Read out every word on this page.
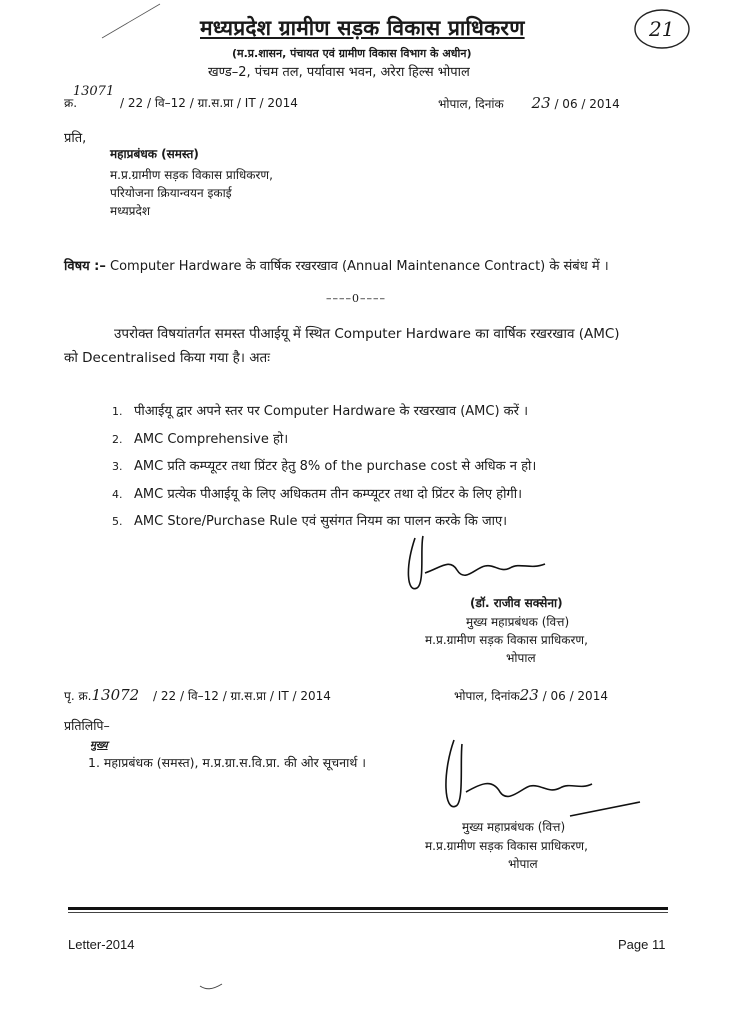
मध्यप्रदेश ग्रामीण सड़क विकास प्राधिकरण
(म.प्र.शासन, पंचायत एवं ग्रामीण विकास विभाग के अधीन)
खण्ड–2, पंचम तल, पर्यावास भवन, अरेरा हिल्स भोपाल
21
क्र. 13071 / 22 / वि–12 / ग्रा.स.प्रा / IT / 2014	भोपाल, दिनांक 23 / 06 / 2014
प्रति,
महाप्रबंधक (समस्त)
म.प्र.ग्रामीण सड़क विकास प्राधिकरण,
परियोजना क्रियान्वयन इकाई
मध्यप्रदेश
विषय :– Computer Hardware के वार्षिक रखरखाव (Annual Maintenance Contract) के संबंध में ।
––––0––––
उपरोक्त विषयांतर्गत समस्त पीआईयू में स्थित Computer Hardware का वार्षिक रखरखाव (AMC)
को Decentralised किया गया है। अतः
1. पीआईयू द्वार अपने स्तर पर Computer Hardware के रखरखाव (AMC) करें ।
2. AMC Comprehensive हो।
3. AMC प्रति कम्प्यूटर तथा प्रिंटर हेतु 8% of the purchase cost से अधिक न हो।
4. AMC प्रत्येक पीआईयू के लिए अधिकतम तीन कम्प्यूटर तथा दो प्रिंटर के लिए होगी।
5. AMC Store/Purchase Rule एवं सुसंगत नियम का पालन करके कि जाए।
(डॉ. राजीव सक्सेना)
मुख्य महाप्रबंधक (वित्त)
म.प्र.ग्रामीण सड़क विकास प्राधिकरण,
भोपाल
पृ. क्र.13072 / 22 / वि–12 / ग्रा.स.प्रा / IT / 2014	भोपाल, दिनांक23 / 06 / 2014
प्रतिलिपि–
मुख्य
1. महाप्रबंधक (समस्त), म.प्र.ग्रा.स.वि.प्रा. की ओर सूचनार्थ ।
मुख्य महाप्रबंधक (वित्त)
म.प्र.ग्रामीण सड़क विकास प्राधिकरण,
भोपाल
Letter-2014	Page 11
